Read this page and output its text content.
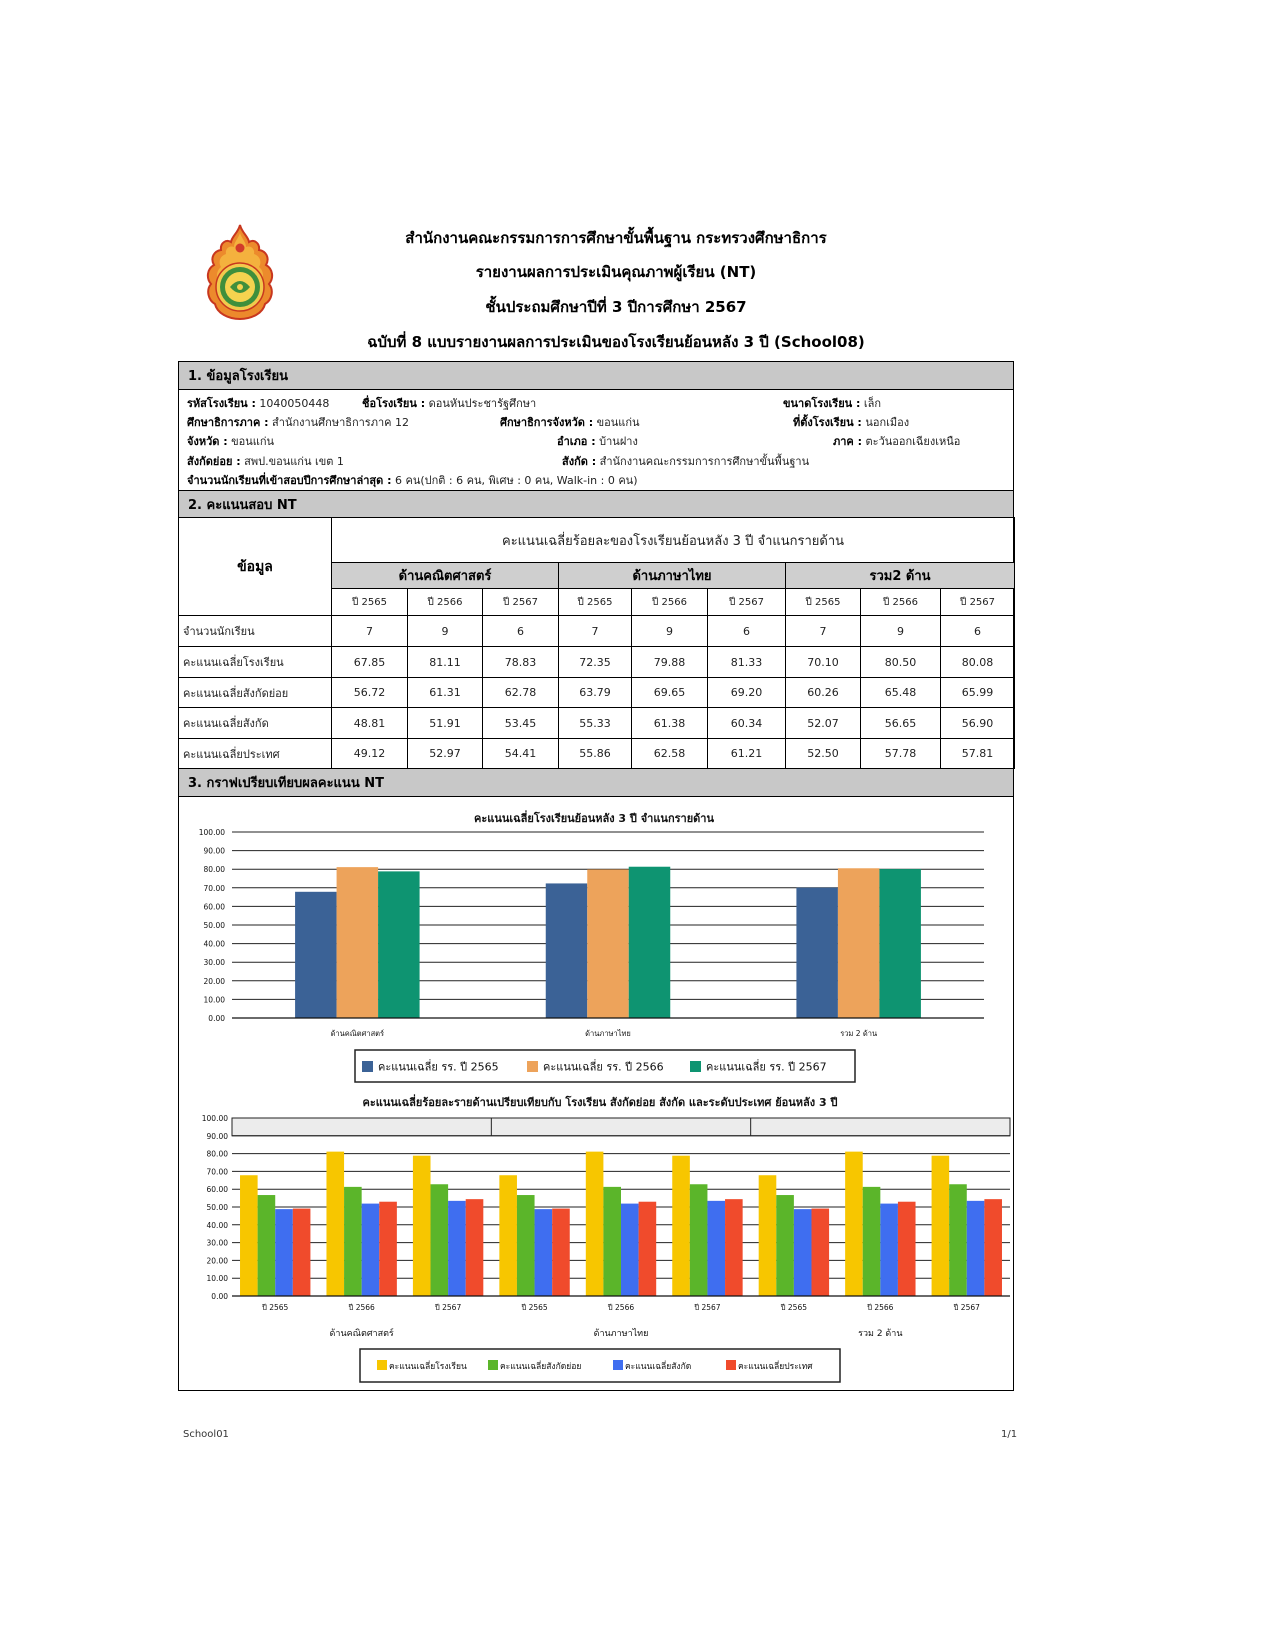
สำนักงานคณะกรรมการการศึกษาขั้นพื้นฐาน กระทรวงศึกษาธิการ
รายงานผลการประเมินคุณภาพผู้เรียน (NT)
ชั้นประถมศึกษาปีที่ 3 ปีการศึกษา 2567
ฉบับที่ 8 แบบรายงานผลการประเมินของโรงเรียนย้อนหลัง 3 ปี (School08)
1. ข้อมูลโรงเรียน
รหัสโรงเรียน : 1040050448	ชื่อโรงเรียน : ดอนหันประชารัฐศึกษา	ขนาดโรงเรียน : เล็ก
ศึกษาธิการภาค : สำนักงานศึกษาธิการภาค 12	ศึกษาธิการจังหวัด : ขอนแก่น	ที่ตั้งโรงเรียน : นอกเมือง
จังหวัด : ขอนแก่น	อำเภอ : บ้านฝาง	ภาค : ตะวันออกเฉียงเหนือ
สังกัดย่อย : สพป.ขอนแก่น เขต 1	สังกัด : สำนักงานคณะกรรมการการศึกษาขั้นพื้นฐาน
จำนวนนักเรียนที่เข้าสอบปีการศึกษาล่าสุด : 6 คน(ปกติ : 6 คน, พิเศษ : 0 คน, Walk-in : 0 คน)
2. คะแนนสอบ NT
ข้อมูล	คะแนนเฉลี่ยร้อยละของโรงเรียนย้อนหลัง 3 ปี จำแนกรายด้าน								
	ด้านคณิตศาสตร์			ด้านภาษาไทย			รวม2 ด้าน		
	ปี 2565	ปี 2566	ปี 2567	ปี 2565	ปี 2566	ปี 2567	ปี 2565	ปี 2566	ปี 2567
จำนวนนักเรียน	7	9	6	7	9	6	7	9	6
คะแนนเฉลี่ยโรงเรียน	67.85	81.11	78.83	72.35	79.88	81.33	70.10	80.50	80.08
คะแนนเฉลี่ยสังกัดย่อย	56.72	61.31	62.78	63.79	69.65	69.20	60.26	65.48	65.99
คะแนนเฉลี่ยสังกัด	48.81	51.91	53.45	55.33	61.38	60.34	52.07	56.65	56.90
คะแนนเฉลี่ยประเทศ	49.12	52.97	54.41	55.86	62.58	61.21	52.50	57.78	57.81
3. กราฟเปรียบเทียบผลคะแนน NT
คะแนนเฉลี่ยโรงเรียนย้อนหลัง 3 ปี จำแนกรายด้าน
0.00
10.00
20.00
30.00
40.00
50.00
60.00
70.00
80.00
90.00
100.00
ด้านคณิตศาสตร์	ด้านภาษาไทย	รวม 2 ด้าน
คะแนนเฉลี่ย รร. ปี 2565	คะแนนเฉลี่ย รร. ปี 2566	คะแนนเฉลี่ย รร. ปี 2567
คะแนนเฉลี่ยร้อยละรายด้านเปรียบเทียบกับ โรงเรียน สังกัดย่อย สังกัด และระดับประเทศ ย้อนหลัง 3 ปี
0.00
10.00
20.00
30.00
40.00
50.00
60.00
70.00
80.00
90.00
100.00
ปี 2565	ปี 2566	ปี 2567
ด้านคณิตศาสตร์
ปี 2565	ปี 2566	ปี 2567
ด้านภาษาไทย
ปี 2565	ปี 2566	ปี 2567
รวม 2 ด้าน
คะแนนเฉลี่ยโรงเรียน	คะแนนเฉลี่ยสังกัดย่อย	คะแนนเฉลี่ยสังกัด	คะแนนเฉลี่ยประเทศ
School01	1/1
